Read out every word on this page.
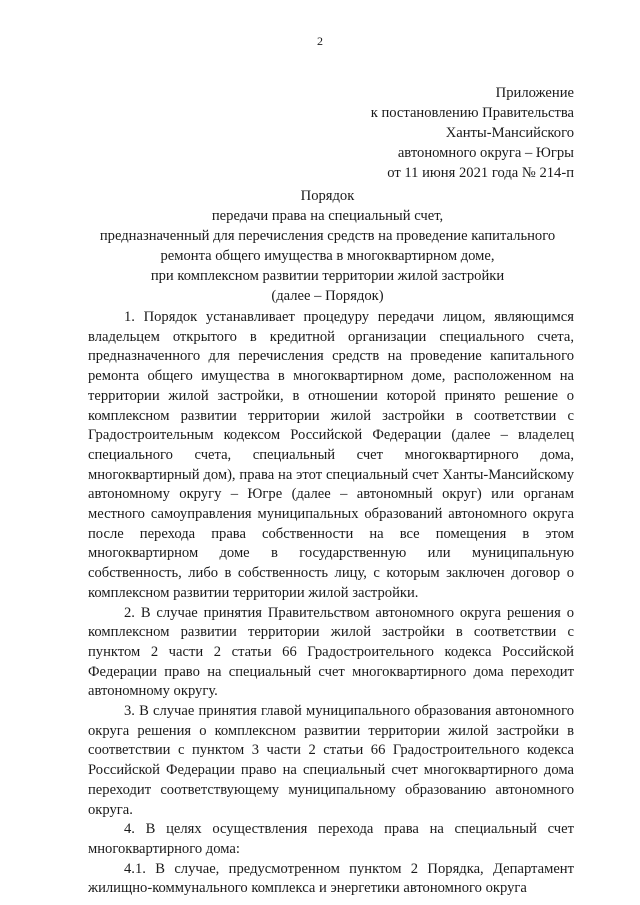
2
Приложение
к постановлению Правительства
Ханты-Мансийского
автономного округа – Югры
от 11 июня 2021 года № 214-п
Порядок
передачи права на специальный счет,
предназначенный для перечисления средств на проведение капитального
ремонта общего имущества в многоквартирном доме,
при комплексном развитии территории жилой застройки
(далее – Порядок)

1. Порядок устанавливает процедуру передачи лицом, являющимся владельцем открытого в кредитной организации специального счета, предназначенного для перечисления средств на проведение капитального ремонта общего имущества в многоквартирном доме, расположенном на территории жилой застройки, в отношении которой принято решение о комплексном развитии территории жилой застройки в соответствии с Градостроительным кодексом Российской Федерации (далее – владелец специального счета, специальный счет многоквартирного дома, многоквартирный дом), права на этот специальный счет Ханты-Мансийскому автономному округу – Югре (далее – автономный округ) или органам местного самоуправления муниципальных образований автономного округа после перехода права собственности на все помещения в этом многоквартирном доме в государственную или муниципальную собственность, либо в собственность лицу, с которым заключен договор о комплексном развитии территории жилой застройки.

2. В случае принятия Правительством автономного округа решения о комплексном развитии территории жилой застройки в соответствии с пунктом 2 части 2 статьи 66 Градостроительного кодекса Российской Федерации право на специальный счет многоквартирного дома переходит автономному округу.

3. В случае принятия главой муниципального образования автономного округа решения о комплексном развитии территории жилой застройки в соответствии с пунктом 3 части 2 статьи 66 Градостроительного кодекса Российской Федерации право на специальный счет многоквартирного дома переходит соответствующему муниципальному образованию автономного округа.

4. В целях осуществления перехода права на специальный счет многоквартирного дома:

4.1. В случае, предусмотренном пунктом 2 Порядка, Департамент жилищно-коммунального комплекса и энергетики автономного округа
